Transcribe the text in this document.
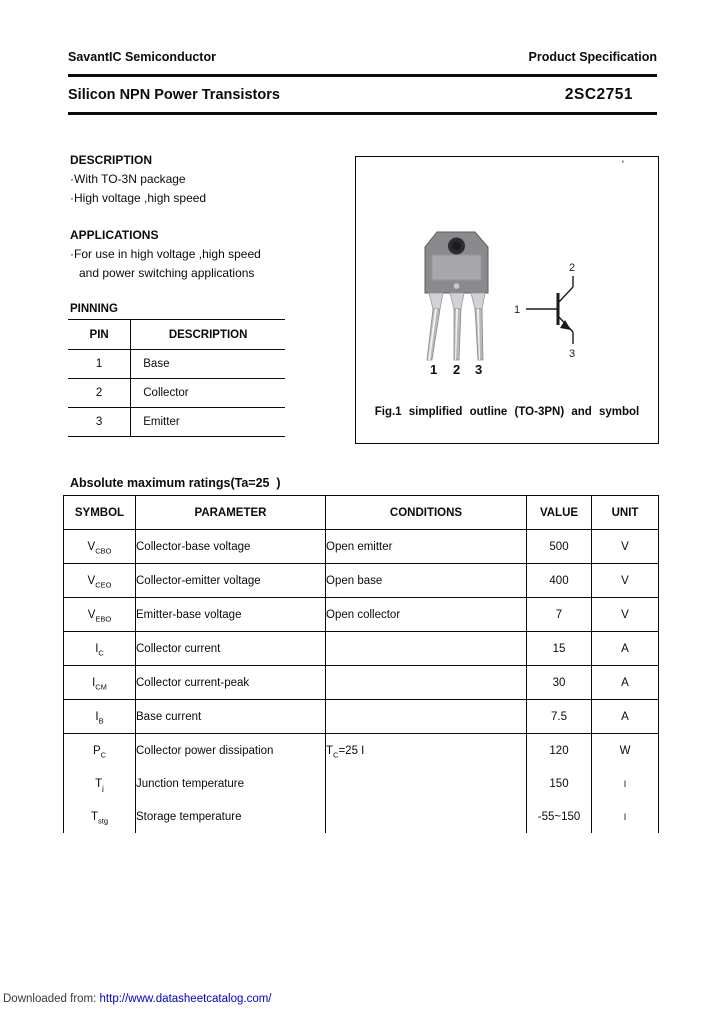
SavantIC Semiconductor	Product Specification
Silicon NPN Power Transistors	2SC2751
DESCRIPTION
·With TO-3N package
·High voltage ,high speed
APPLICATIONS
·For use in high voltage ,high speed
and power switching applications
PINNING
PIN	DESCRIPTION
1	Base
2	Collector
3	Emitter
'
1 2 3
1
2
3
Fig.1 simplified outline (TO-3PN) and symbol
Absolute maximum ratings(Ta=25  )
SYMBOL	PARAMETER	CONDITIONS	VALUE	UNIT
$V_{CBO}$	Collector-base voltage	Open emitter	500	V
$V_{CEO}$	Collector-emitter voltage	Open base	400	V
$V_{EBO}$	Emitter-base voltage	Open collector	7	V
$I_C$	Collector current		15	A
$I_{CM}$	Collector current-peak		30	A
$I_B$	Base current		7.5	A
$P_C$	Collector power dissipation	$T_C=25$ I	120	W
$T_j$	Junction temperature		150	I
$T_{stg}$	Storage temperature		-55~150	I
Downloaded from: http://www.datasheetcatalog.com/
